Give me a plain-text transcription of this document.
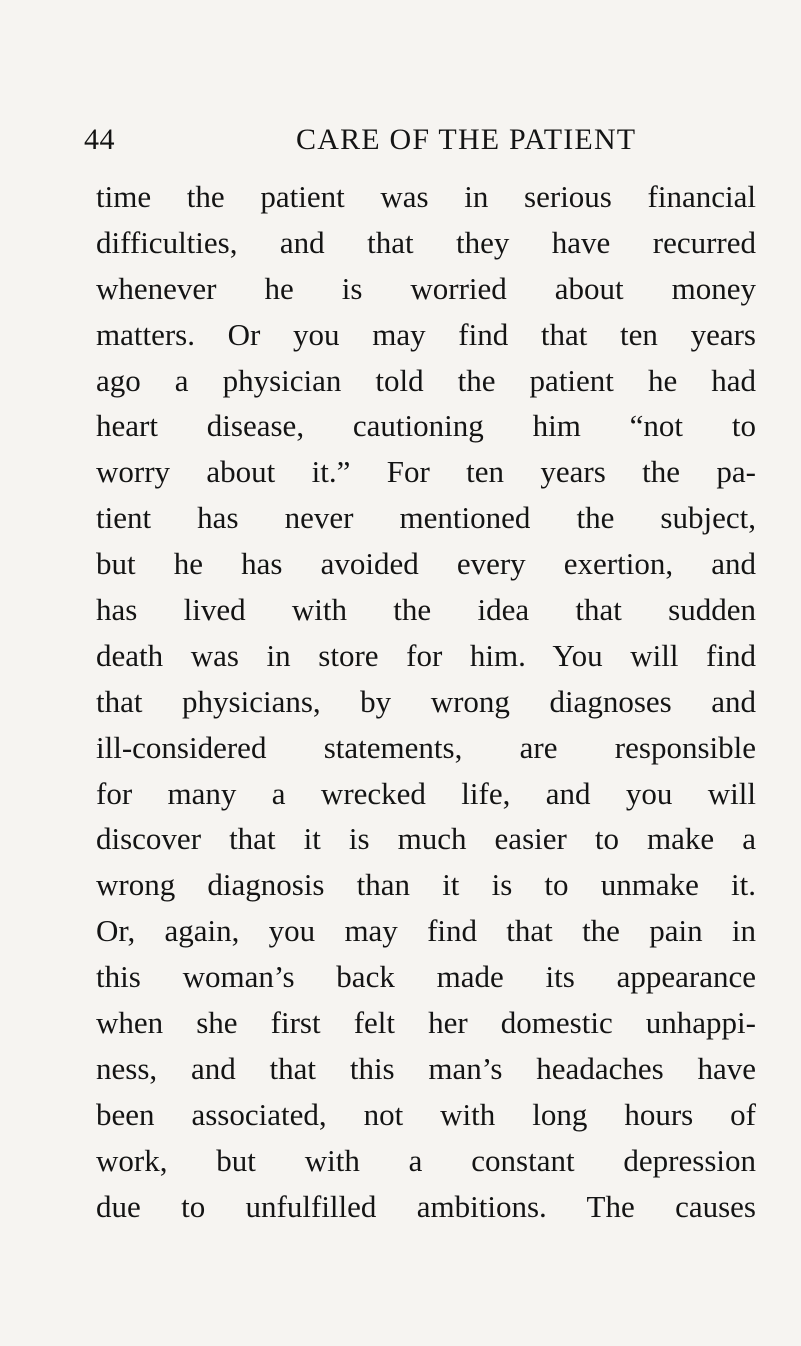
44	CARE OF THE PATIENT
time the patient was in serious financial
difficulties, and that they have recurred
whenever he is worried about money
matters. Or you may find that ten years
ago a physician told the patient he had
heart disease, cautioning him “not to
worry about it.” For ten years the pa-
tient has never mentioned the subject,
but he has avoided every exertion, and
has lived with the idea that sudden
death was in store for him. You will find
that physicians, by wrong diagnoses and
ill-considered statements, are responsible
for many a wrecked life, and you will
discover that it is much easier to make a
wrong diagnosis than it is to unmake it.
Or, again, you may find that the pain in
this woman’s back made its appearance
when she first felt her domestic unhappi-
ness, and that this man’s headaches have
been associated, not with long hours of
work, but with a constant depression
due to unfulfilled ambitions. The causes
